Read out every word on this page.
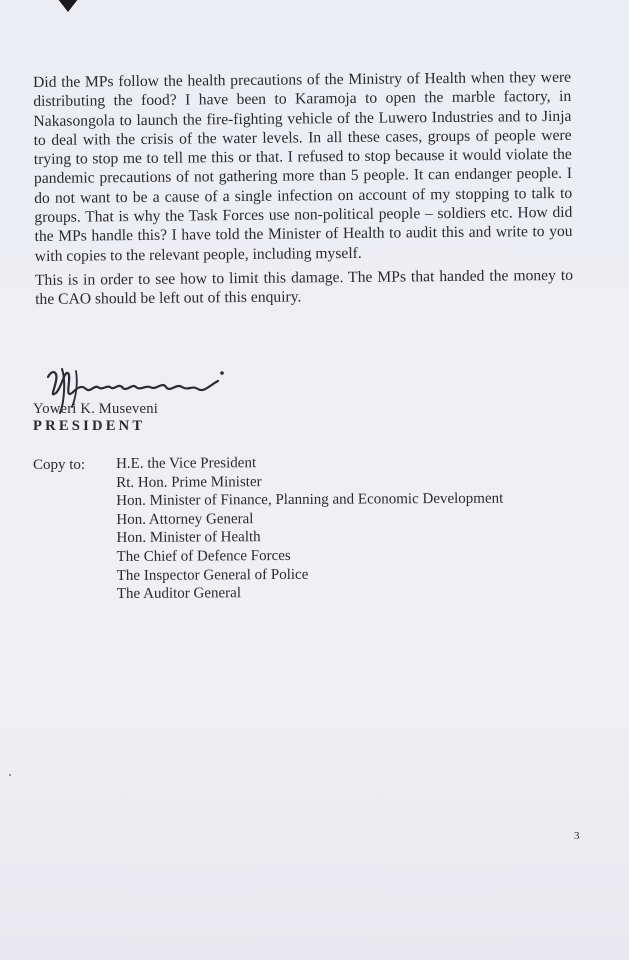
Did the MPs follow the health precautions of the Ministry of Health when they were distributing the food? I have been to Karamoja to open the marble factory, in Nakasongola to launch the fire-fighting vehicle of the Luwero Industries and to Jinja to deal with the crisis of the water levels. In all these cases, groups of people were trying to stop me to tell me this or that. I refused to stop because it would violate the pandemic precautions of not gathering more than 5 people. It can endanger people. I do not want to be a cause of a single infection on account of my stopping to talk to groups. That is why the Task Forces use non-political people – soldiers etc. How did the MPs handle this? I have told the Minister of Health to audit this and write to you with copies to the relevant people, including myself.

This is in order to see how to limit this damage. The MPs that handed the money to the CAO should be left out of this enquiry.

Yoweri K. Museveni
PRESIDENT
Copy to: H.E. the Vice President
Rt. Hon. Prime Minister
Hon. Minister of Finance, Planning and Economic Development
Hon. Attorney General
Hon. Minister of Health
The Chief of Defence Forces
The Inspector General of Police
The Auditor General
3
